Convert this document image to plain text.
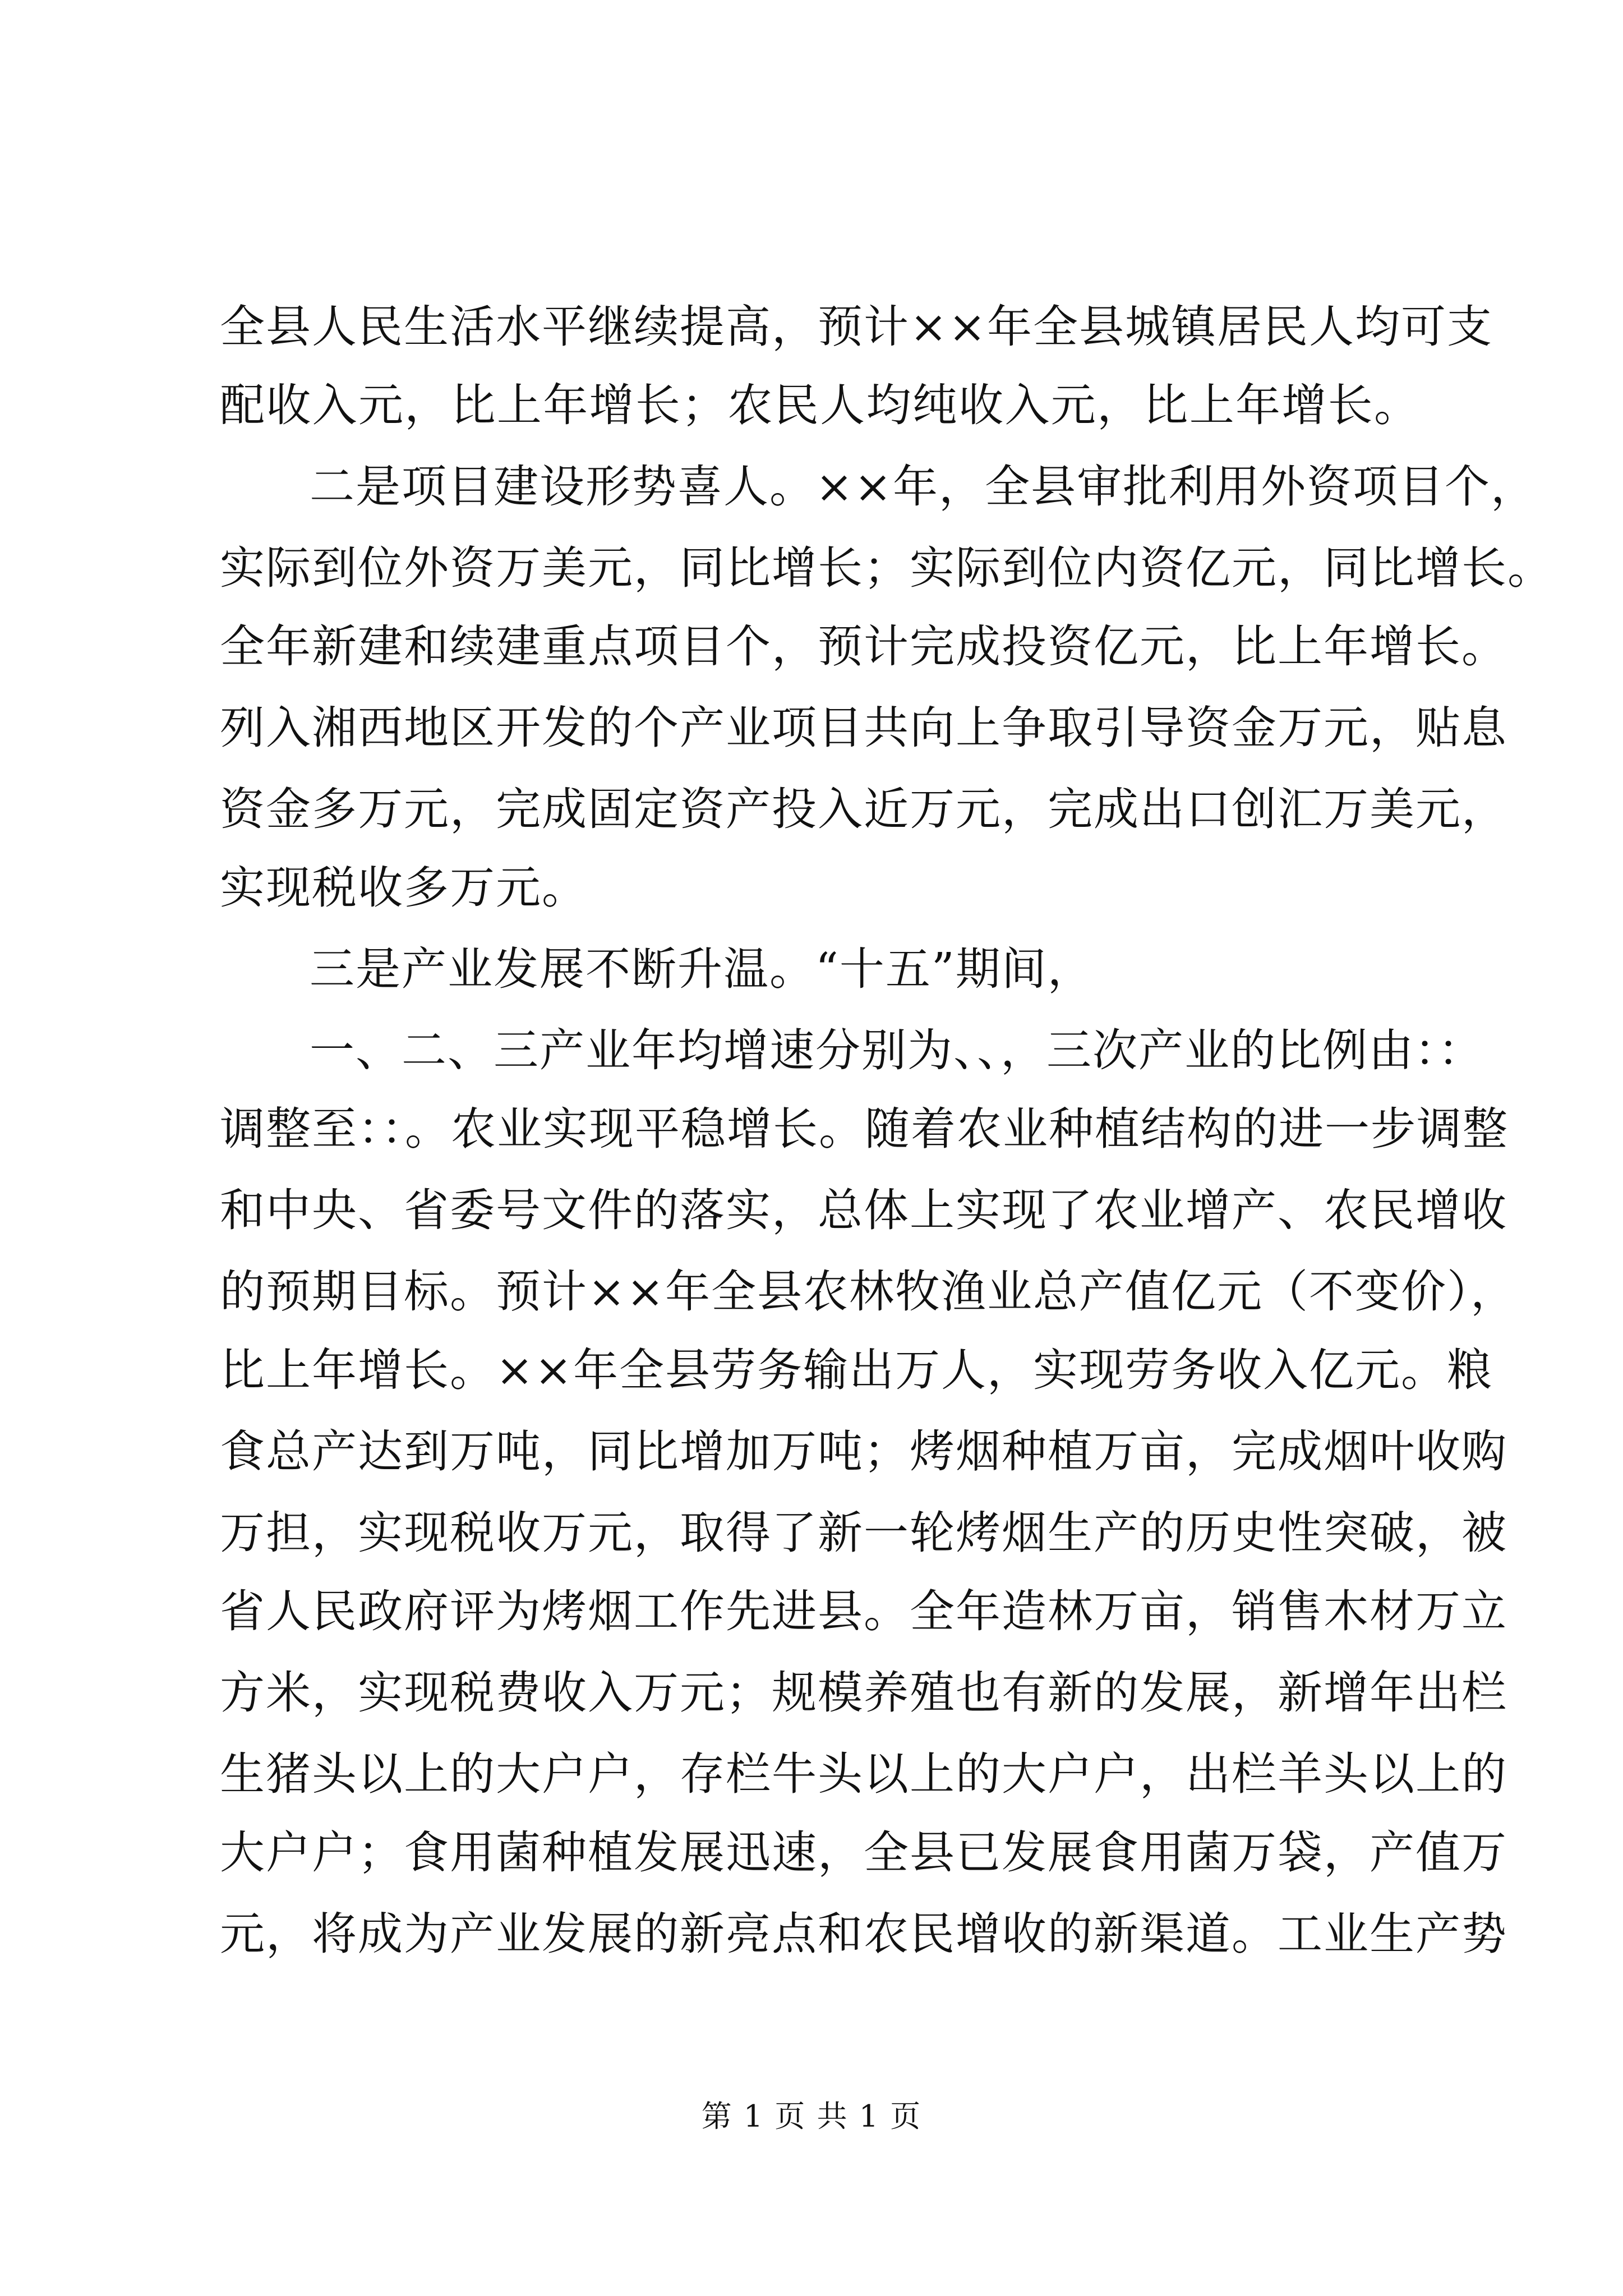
全县人民生活水平继续提高，预计××年全县城镇居民人均可支
配收入元，比上年增长；农民人均纯收入元，比上年增长。
二是项目建设形势喜人。××年，全县审批利用外资项目个，
实际到位外资万美元，同比增长；实际到位内资亿元，同比增长。
全年新建和续建重点项目个，预计完成投资亿元，比上年增长。
列入湘西地区开发的个产业项目共向上争取引导资金万元，贴息
资金多万元，完成固定资产投入近万元，完成出口创汇万美元，
实现税收多万元。
三是产业发展不断升温。“十五”期间，
一、二、三产业年均增速分别为、、，三次产业的比例由：：
调整至：：。农业实现平稳增长。随着农业种植结构的进一步调整
和中央、省委号文件的落实，总体上实现了农业增产、农民增收
的预期目标。预计××年全县农林牧渔业总产值亿元（不变价），
比上年增长。××年全县劳务输出万人，实现劳务收入亿元。粮
食总产达到万吨，同比增加万吨；烤烟种植万亩，完成烟叶收购
万担，实现税收万元，取得了新一轮烤烟生产的历史性突破，被
省人民政府评为烤烟工作先进县。全年造林万亩，销售木材万立
方米，实现税费收入万元；规模养殖也有新的发展，新增年出栏
生猪头以上的大户户，存栏牛头以上的大户户，出栏羊头以上的
大户户；食用菌种植发展迅速，全县已发展食用菌万袋，产值万
元，将成为产业发展的新亮点和农民增收的新渠道。工业生产势
第 1 页 共 1 页
